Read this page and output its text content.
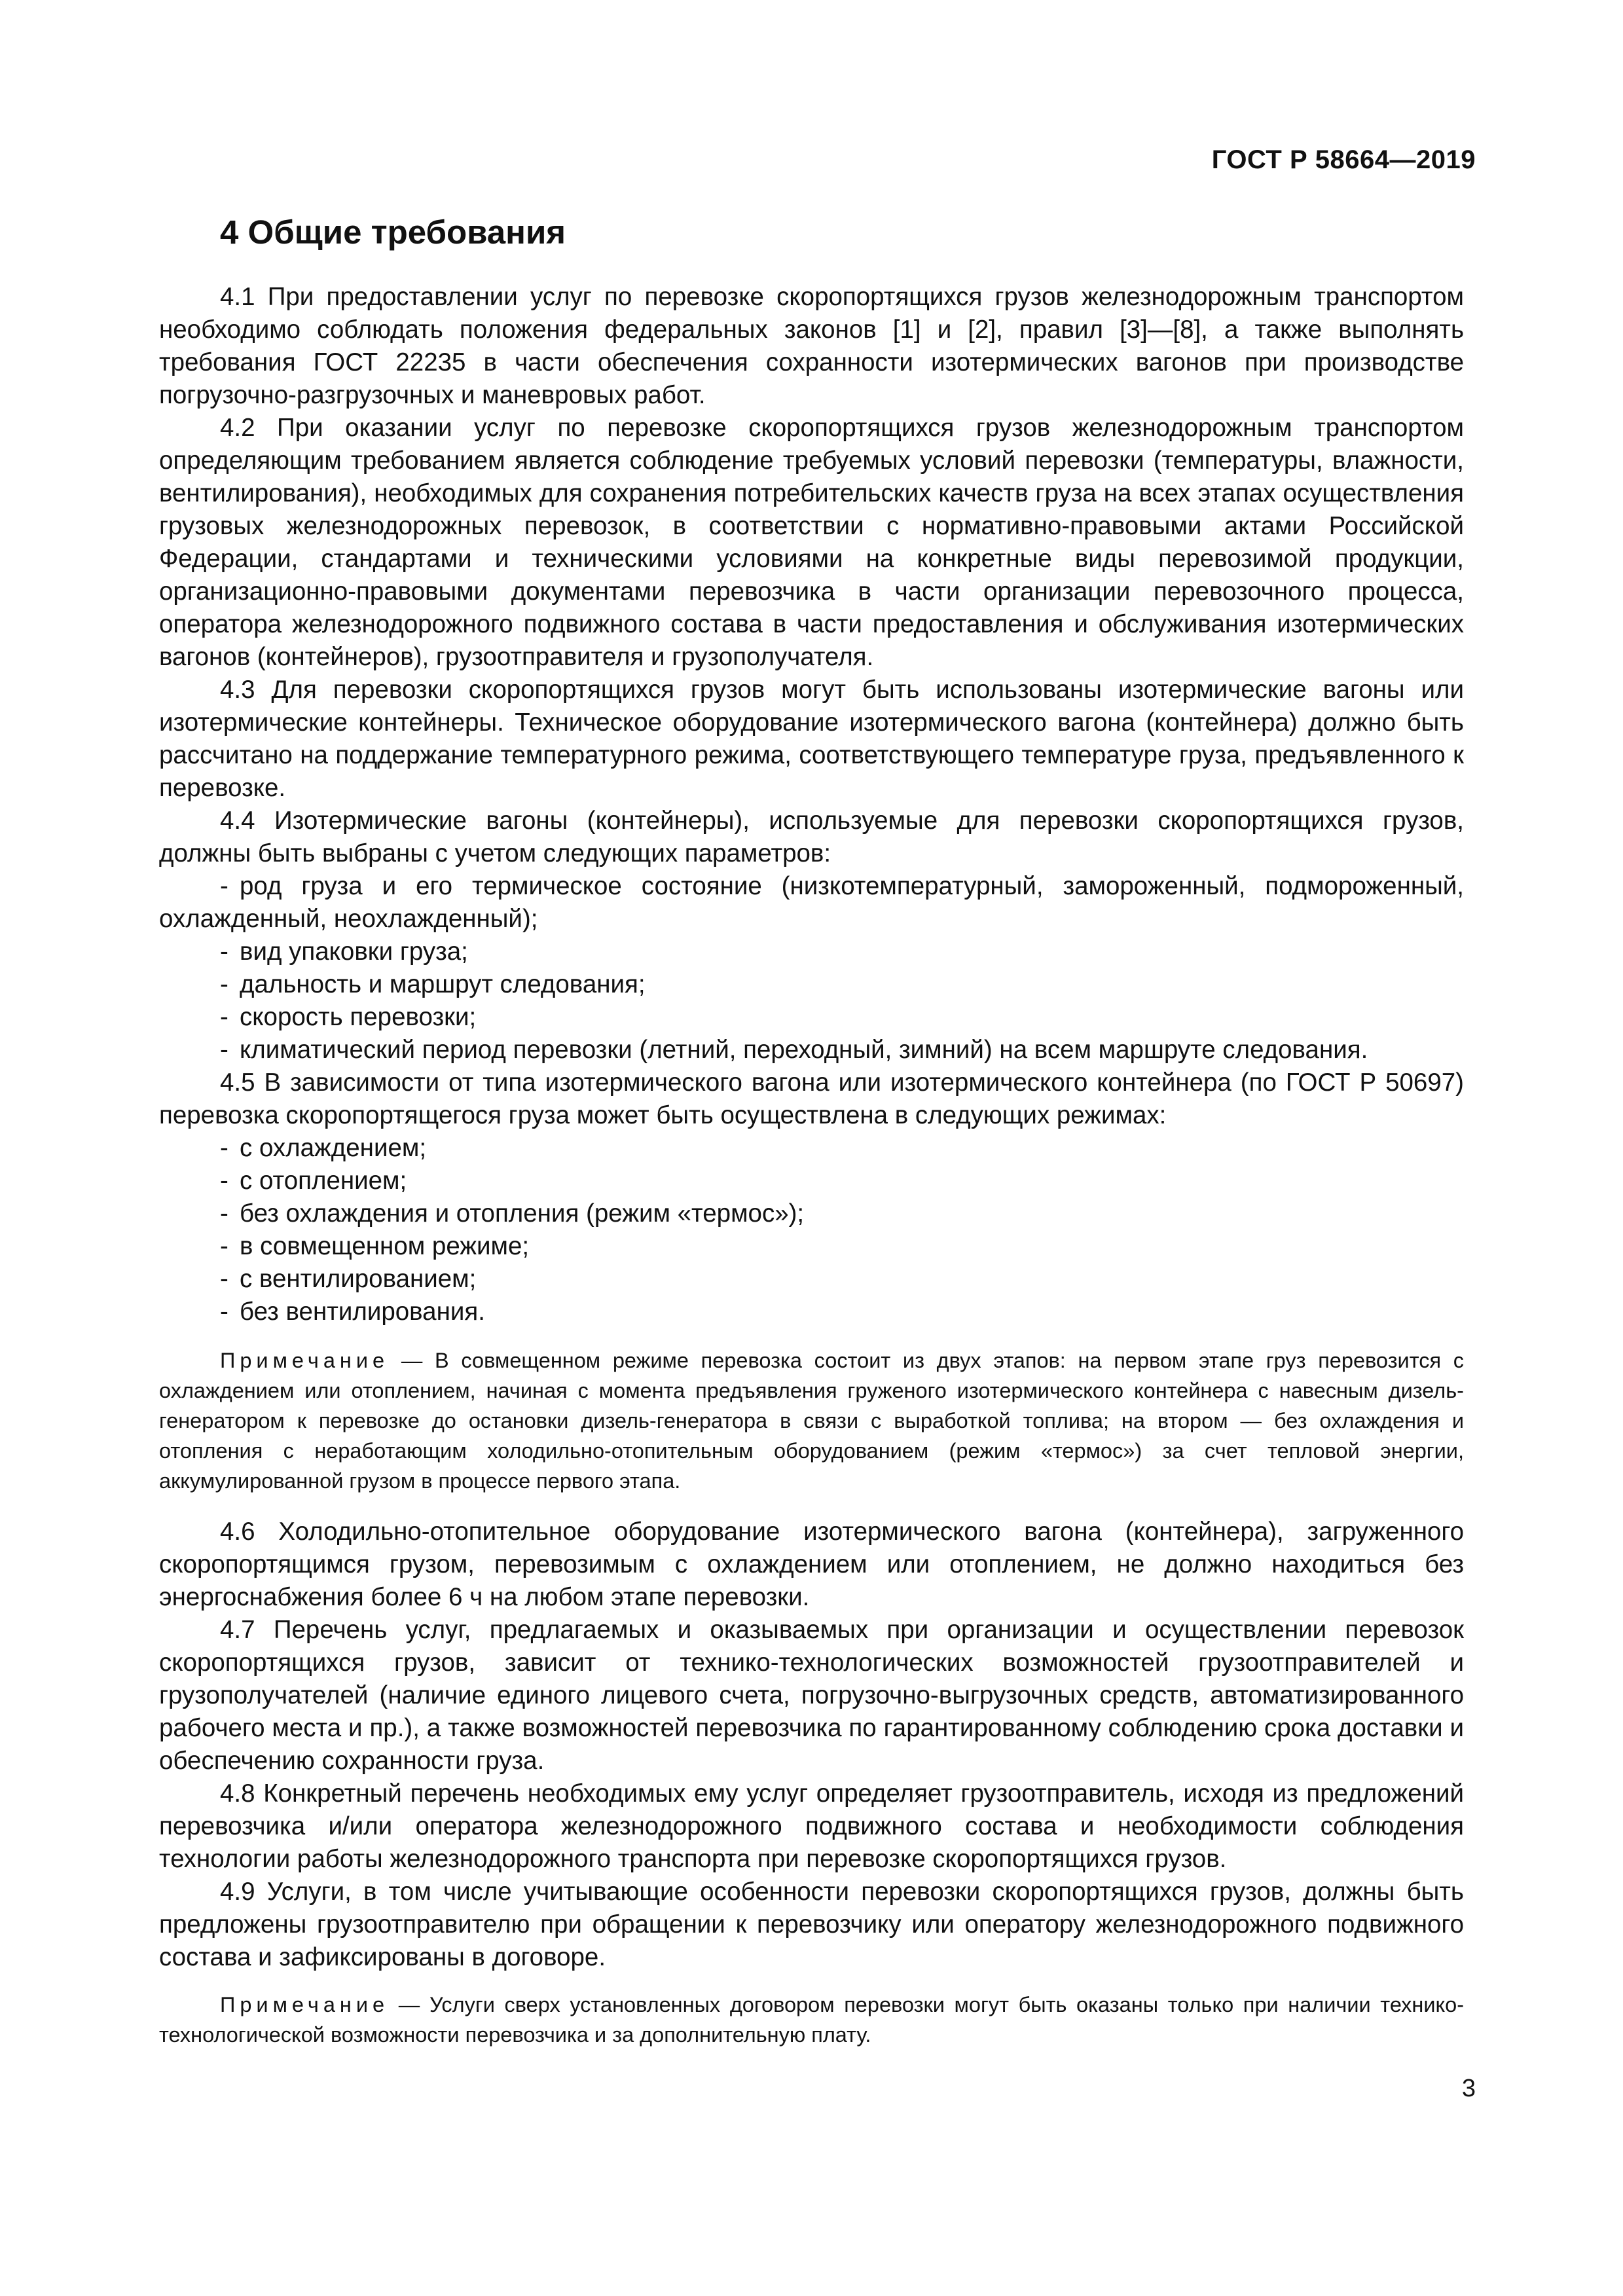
ГОСТ Р 58664—2019
4 Общие требования

4.1 При предоставлении услуг по перевозке скоропортящихся грузов железнодорожным транспортом необходимо соблюдать положения федеральных законов [1] и [2], правил [3]—[8], а также выполнять требования ГОСТ 22235 в части обеспечения сохранности изотермических вагонов при производстве погрузочно-разгрузочных и маневровых работ.

4.2 При оказании услуг по перевозке скоропортящихся грузов железнодорожным транспортом определяющим требованием является соблюдение требуемых условий перевозки (температуры, влажности, вентилирования), необходимых для сохранения потребительских качеств груза на всех этапах осуществления грузовых железнодорожных перевозок, в соответствии с нормативно-правовыми актами Российской Федерации, стандартами и техническими условиями на конкретные виды перевозимой продукции, организационно-правовыми документами перевозчика в части организации перевозочного процесса, оператора железнодорожного подвижного состава в части предоставления и обслуживания изотермических вагонов (контейнеров), грузоотправителя и грузополучателя.

4.3 Для перевозки скоропортящихся грузов могут быть использованы изотермические вагоны или изотермические контейнеры. Техническое оборудование изотермического вагона (контейнера) должно быть рассчитано на поддержание температурного режима, соответствующего температуре груза, предъявленного к перевозке.

4.4 Изотермические вагоны (контейнеры), используемые для перевозки скоропортящихся грузов, должны быть выбраны с учетом следующих параметров:

- род груза и его термическое состояние (низкотемпературный, замороженный, подмороженный, охлажденный, неохлажденный);

- вид упаковки груза;

- дальность и маршрут следования;

- скорость перевозки;

- климатический период перевозки (летний, переходный, зимний) на всем маршруте следования.

4.5 В зависимости от типа изотермического вагона или изотермического контейнера (по ГОСТ Р 50697) перевозка скоропортящегося груза может быть осуществлена в следующих режимах:

- с охлаждением;

- с отоплением;

- без охлаждения и отопления (режим «термос»);

- в совмещенном режиме;

- с вентилированием;

- без вентилирования.

Примечание — В совмещенном режиме перевозка состоит из двух этапов: на первом этапе груз перевозится с охлаждением или отоплением, начиная с момента предъявления груженого изотермического контейнера с навесным дизель-генератором к перевозке до остановки дизель-генератора в связи с выработкой топлива; на втором — без охлаждения и отопления с неработающим холодильно-отопительным оборудованием (режим «термос») за счет тепловой энергии, аккумулированной грузом в процессе первого этапа.

4.6 Холодильно-отопительное оборудование изотермического вагона (контейнера), загруженного скоропортящимся грузом, перевозимым с охлаждением или отоплением, не должно находиться без энергоснабжения более 6 ч на любом этапе перевозки.

4.7 Перечень услуг, предлагаемых и оказываемых при организации и осуществлении перевозок скоропортящихся грузов, зависит от технико-технологических возможностей грузоотправителей и грузополучателей (наличие единого лицевого счета, погрузочно-выгрузочных средств, автоматизированного рабочего места и пр.), а также возможностей перевозчика по гарантированному соблюдению срока доставки и обеспечению сохранности груза.

4.8 Конкретный перечень необходимых ему услуг определяет грузоотправитель, исходя из предложений перевозчика и/или оператора железнодорожного подвижного состава и необходимости соблюдения технологии работы железнодорожного транспорта при перевозке скоропортящихся грузов.

4.9 Услуги, в том числе учитывающие особенности перевозки скоропортящихся грузов, должны быть предложены грузоотправителю при обращении к перевозчику или оператору железнодорожного подвижного состава и зафиксированы в договоре.

Примечание — Услуги сверх установленных договором перевозки могут быть оказаны только при наличии технико-технологической возможности перевозчика и за дополнительную плату.

3
